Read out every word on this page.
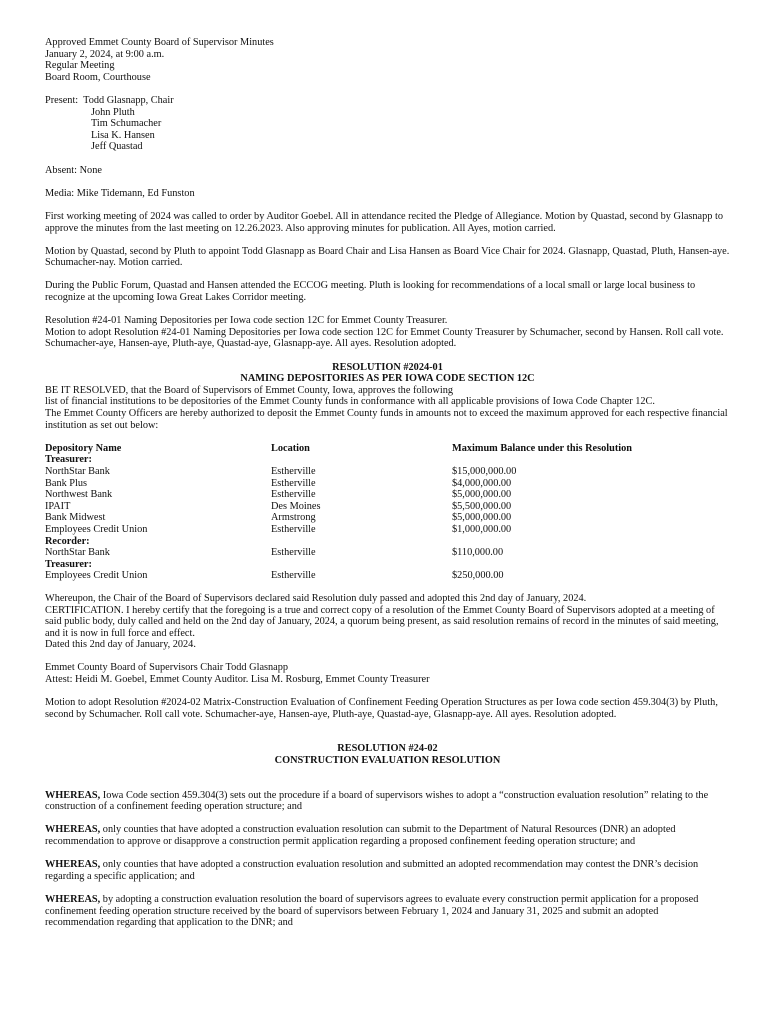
Approved Emmet County Board of Supervisor Minutes

January 2, 2024, at 9:00 a.m.

Regular Meeting

Board Room, Courthouse

Present: Todd Glasnapp, Chair

John Pluth

Tim Schumacher

Lisa K. Hansen

Jeff Quastad

Absent: None

Media: Mike Tidemann, Ed Funston

First working meeting of 2024 was called to order by Auditor Goebel. All in attendance recited the Pledge of Allegiance. Motion by Quastad, second by Glasnapp to approve the minutes from the last meeting on 12.26.2023. Also approving minutes for publication. All Ayes, motion carried.

Motion by Quastad, second by Pluth to appoint Todd Glasnapp as Board Chair and Lisa Hansen as Board Vice Chair for 2024. Glasnapp, Quastad, Pluth, Hansen-aye. Schumacher-nay. Motion carried.

During the Public Forum, Quastad and Hansen attended the ECCOG meeting. Pluth is looking for recommendations of a local small or large local business to recognize at the upcoming Iowa Great Lakes Corridor meeting.

Resolution #24-01 Naming Depositories per Iowa code section 12C for Emmet County Treasurer.

Motion to adopt Resolution #24-01 Naming Depositories per Iowa code section 12C for Emmet County Treasurer by Schumacher, second by Hansen. Roll call vote. Schumacher-aye, Hansen-aye, Pluth-aye, Quastad-aye, Glasnapp-aye. All ayes. Resolution adopted.

RESOLUTION #2024-01

NAMING DEPOSITORIES AS PER IOWA CODE SECTION 12C

BE IT RESOLVED, that the Board of Supervisors of Emmet County, Iowa, approves the following

list of financial institutions to be depositories of the Emmet County funds in conformance with all applicable provisions of Iowa Code Chapter 12C.

The Emmet County Officers are hereby authorized to deposit the Emmet County funds in amounts not to exceed the maximum approved for each respective financial institution as set out below:

Depository Name	Location	Maximum Balance under this Resolution
Treasurer:		
NorthStar Bank	Estherville	$15,000,000.00
Bank Plus	Estherville	$4,000,000.00
Northwest Bank	Estherville	$5,000,000.00
IPAIT	Des Moines	$5,500,000.00
Bank Midwest	Armstrong	$5,000,000.00
Employees Credit Union	Estherville	$1,000,000.00
Recorder:		
NorthStar Bank	Estherville	$110,000.00
Treasurer:		
Employees Credit Union	Estherville	$250,000.00

Whereupon, the Chair of the Board of Supervisors declared said Resolution duly passed and adopted this 2nd day of January, 2024.

CERTIFICATION. I hereby certify that the foregoing is a true and correct copy of a resolution of the Emmet County Board of Supervisors adopted at a meeting of said public body, duly called and held on the 2nd day of January, 2024, a quorum being present, as said resolution remains of record in the minutes of said meeting, and it is now in full force and effect.

Dated this 2nd day of January, 2024.

Emmet County Board of Supervisors Chair Todd Glasnapp

Attest: Heidi M. Goebel, Emmet County Auditor. Lisa M. Rosburg, Emmet County Treasurer

Motion to adopt Resolution #2024-02 Matrix-Construction Evaluation of Confinement Feeding Operation Structures as per Iowa code section 459.304(3) by Pluth, second by Schumacher. Roll call vote. Schumacher-aye, Hansen-aye, Pluth-aye, Quastad-aye, Glasnapp-aye. All ayes. Resolution adopted.

RESOLUTION #24-02

CONSTRUCTION EVALUATION RESOLUTION

WHEREAS, Iowa Code section 459.304(3) sets out the procedure if a board of supervisors wishes to adopt a “construction evaluation resolution” relating to the construction of a confinement feeding operation structure; and

WHEREAS, only counties that have adopted a construction evaluation resolution can submit to the Department of Natural Resources (DNR) an adopted recommendation to approve or disapprove a construction permit application regarding a proposed confinement feeding operation structure; and

WHEREAS, only counties that have adopted a construction evaluation resolution and submitted an adopted recommendation may contest the DNR’s decision regarding a specific application; and

WHEREAS, by adopting a construction evaluation resolution the board of supervisors agrees to evaluate every construction permit application for a proposed confinement feeding operation structure received by the board of supervisors between February 1, 2024 and January 31, 2025 and submit an adopted recommendation regarding that application to the DNR; and
